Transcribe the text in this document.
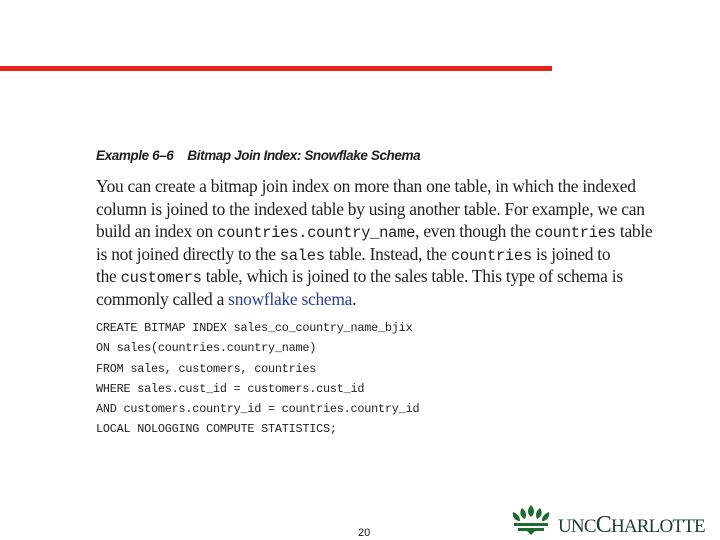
Example 6–6 Bitmap Join Index: Snowflake Schema
You can create a bitmap join index on more than one table, in which the indexed
column is joined to the indexed table by using another table. For example, we can
build an index on countries.country_name, even though the countries table
is not joined directly to the sales table. Instead, the countries is joined to
the customers table, which is joined to the sales table. This type of schema is
commonly called a snowflake schema.
CREATE BITMAP INDEX sales_co_country_name_bjix
ON sales(countries.country_name)
FROM sales, customers, countries
WHERE sales.cust_id = customers.cust_id
AND customers.country_id = countries.country_id
LOCAL NOLOGGING COMPUTE STATISTICS;
20	UNCCHARLOTTE
